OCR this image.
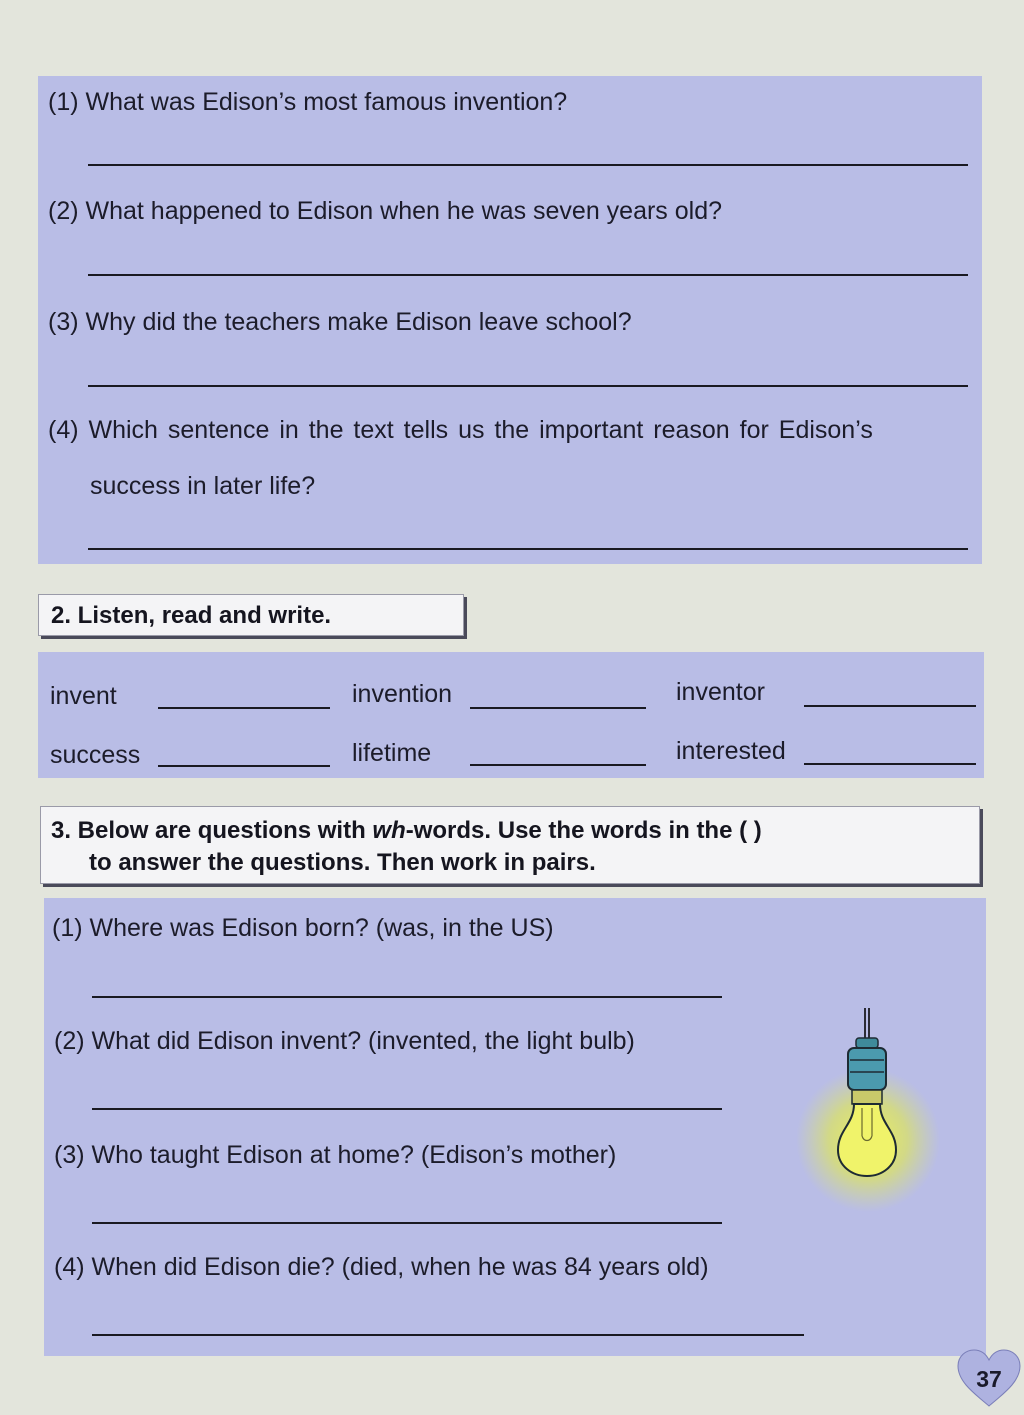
(1) What was Edison’s most famous invention?
(2) What happened to Edison when he was seven years old?
(3) Why did the teachers make Edison leave school?
(4) Which sentence in the text tells us the important reason for Edison’s
success in later life?
2. Listen, read and write.
invent	invention	inventor
success	lifetime	interested
3. Below are questions with wh-words. Use the words in the ( )
to answer the questions. Then work in pairs.
(1) Where was Edison born? (was, in the US)
(2) What did Edison invent? (invented, the light bulb)
(3) Who taught Edison at home? (Edison’s mother)
(4) When did Edison die? (died, when he was 84 years old)
37
